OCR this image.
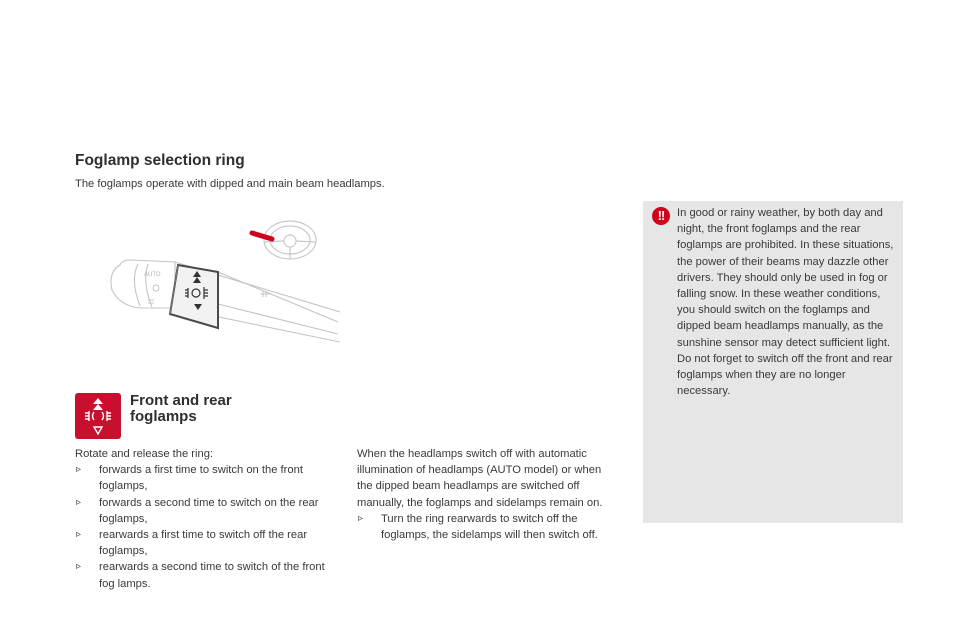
Foglamp selection ring

The foglamps operate with dipped and main beam headlamps.

AUTO
Front and rear foglamps

Rotate and release the ring:

▹ forwards a first time to switch on the front foglamps,
▹ forwards a second time to switch on the rear foglamps,
▹ rearwards a first time to switch off the rear foglamps,
▹ rearwards a second time to switch of the front fog lamps.

When the headlamps switch off with automatic illumination of headlamps (AUTO model) or when the dipped beam headlamps are switched off manually, the foglamps and sidelamps remain on.

▹ Turn the ring rearwards to switch off the foglamps, the sidelamps will then switch off.
!!	In good or rainy weather, by both day and night, the front foglamps and the rear foglamps are prohibited. In these situations, the power of their beams may dazzle other drivers. They should only be used in fog or falling snow. In these weather conditions, you should switch on the foglamps and dipped beam headlamps manually, as the sunshine sensor may detect sufficient light. Do not forget to switch off the front and rear foglamps when they are no longer necessary.
